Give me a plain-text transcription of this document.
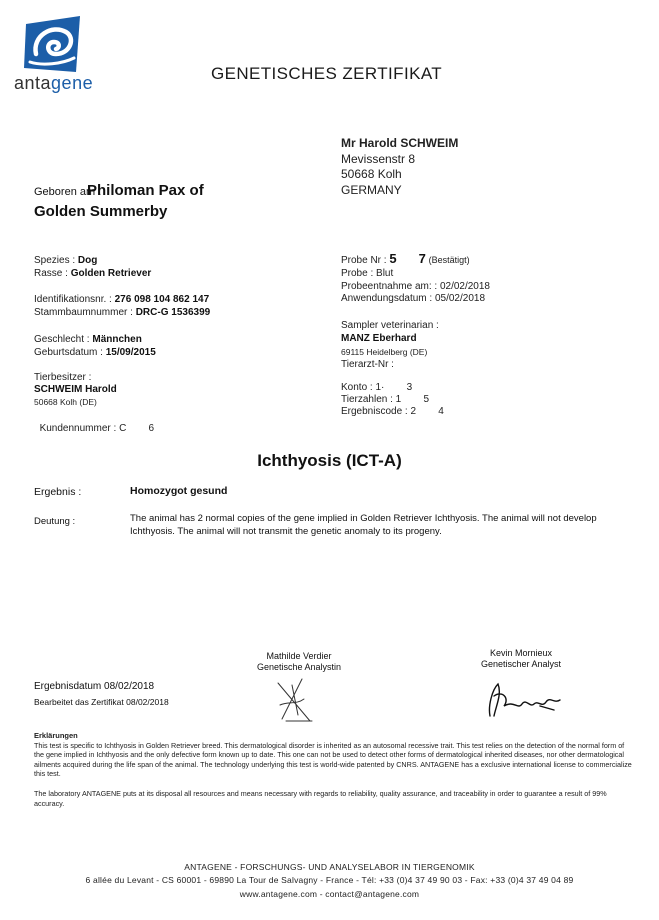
antagene	GENETISCHES ZERTIFIKAT
Mr Harold SCHWEIM
Mevissenstr 8
50668 Kolh
GERMANY
Geboren am :
Philoman Pax of
Golden Summerby
Spezies : Dog
Rasse : Golden Retriever
Identifikationsnr. : 276 098 104 862 147
Stammbaumnummer : DRC-G 1536399
Geschlecht : Männchen
Geburtsdatum : 15/09/2015
Tierbesitzer :
SCHWEIM Harold
50668 Kolh (DE)

Kundennummer : C        6

Probe Nr : 5 7 (Bestätigt)
Probe : Blut
Probeentnahme am: : 02/02/2018
Anwendungsdatum : 05/02/2018
Sampler veterinarian :
MANZ Eberhard
69115 Heidelberg (DE)
Tierarzt-Nr :
Konto : 1·        3
Tierzahlen : 1        5
Ergebniscode : 2        4
Ichthyosis (ICT-A)
Ergebnis :	Homozygot gesund
Deutung :	The animal has 2 normal copies of the gene implied in Golden Retriever Ichthyosis. The animal will not develop Ichthyosis. The animal will not transmit the genetic anomaly to its progeny.
Mathilde Verdier
Genetische Analystin
Kevin Mornieux
Genetischer Analyst
Ergebnisdatum 08/02/2018
Bearbeitet das Zertifikat 08/02/2018
Erklärungen
This test is specific to Ichthyosis in Golden Retriever breed. This dermatological disorder is inherited as an autosomal recessive trait. This test relies on the detection of the normal form of the gene implied in Ichthyosis and the only defective form known up to date. This one can not be used to detect other forms of dermatological inherited diseases, nor other dermatological ailments acquired during the life span of the animal. The technology underlying this test is world-wide patented by CNRS. ANTAGENE has a exclusive international license to commercialize this test.
The laboratory ANTAGENE puts at its disposal all resources and means necessary with regards to reliability, quality assurance, and traceability in order to guarantee a result of 99% accuracy.
ANTAGENE - FORSCHUNGS- UND ANALYSELABOR IN TIERGENOMIK
6 allée du Levant - CS 60001 - 69890 La Tour de Salvagny - France - Tél: +33 (0)4 37 49 90 03 - Fax: +33 (0)4 37 49 04 89
www.antagene.com - contact@antagene.com
